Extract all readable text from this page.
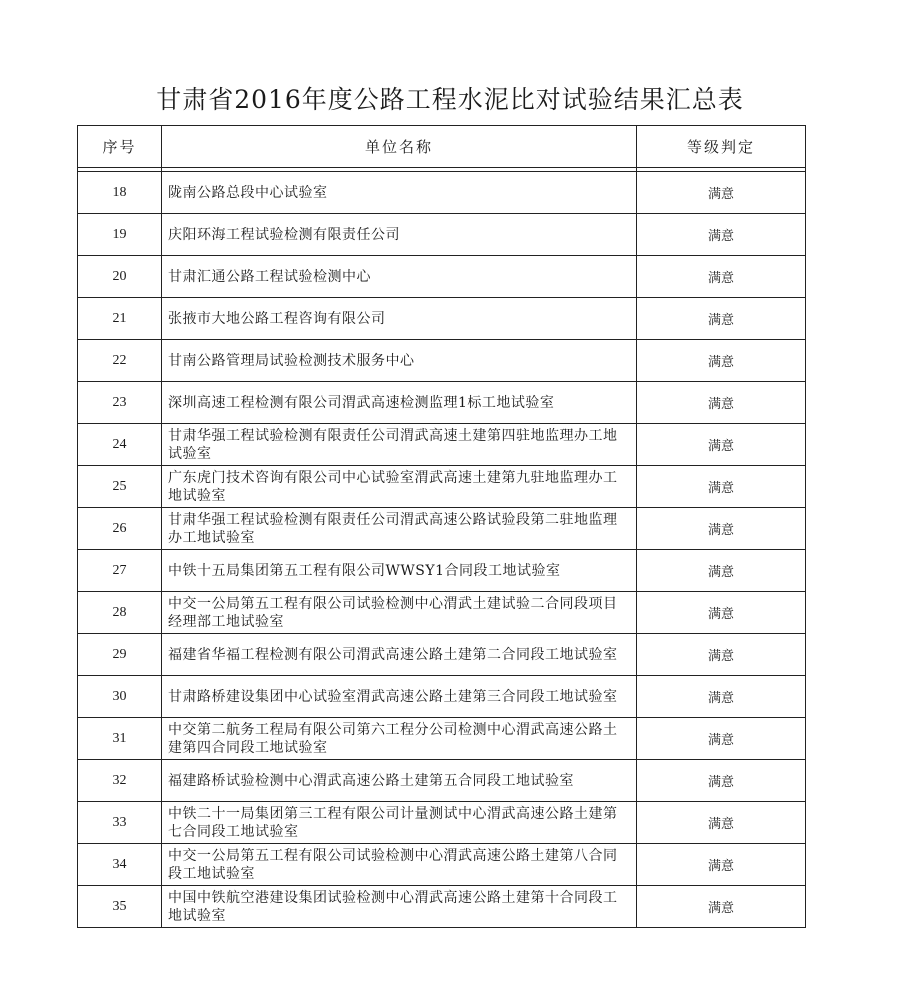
甘肃省2016年度公路工程水泥比对试验结果汇总表
序号	单位名称	等级判定

18	陇南公路总段中心试验室	满意
19	庆阳环海工程试验检测有限责任公司	满意
20	甘肃汇通公路工程试验检测中心	满意
21	张掖市大地公路工程咨询有限公司	满意
22	甘南公路管理局试验检测技术服务中心	满意
23	深圳高速工程检测有限公司渭武高速检测监理1标工地试验室	满意
24	甘肃华强工程试验检测有限责任公司渭武高速土建第四驻地监理办工地试验室	满意
25	广东虎门技术咨询有限公司中心试验室渭武高速土建第九驻地监理办工地试验室	满意
26	甘肃华强工程试验检测有限责任公司渭武高速公路试验段第二驻地监理办工地试验室	满意
27	中铁十五局集团第五工程有限公司WWSY1合同段工地试验室	满意
28	中交一公局第五工程有限公司试验检测中心渭武土建试验二合同段项目经理部工地试验室	满意
29	福建省华福工程检测有限公司渭武高速公路土建第二合同段工地试验室	满意
30	甘肃路桥建设集团中心试验室渭武高速公路土建第三合同段工地试验室	满意
31	中交第二航务工程局有限公司第六工程分公司检测中心渭武高速公路土建第四合同段工地试验室	满意
32	福建路桥试验检测中心渭武高速公路土建第五合同段工地试验室	满意
33	中铁二十一局集团第三工程有限公司计量测试中心渭武高速公路土建第七合同段工地试验室	满意
34	中交一公局第五工程有限公司试验检测中心渭武高速公路土建第八合同段工地试验室	满意
35	中国中铁航空港建设集团试验检测中心渭武高速公路土建第十合同段工地试验室	满意
